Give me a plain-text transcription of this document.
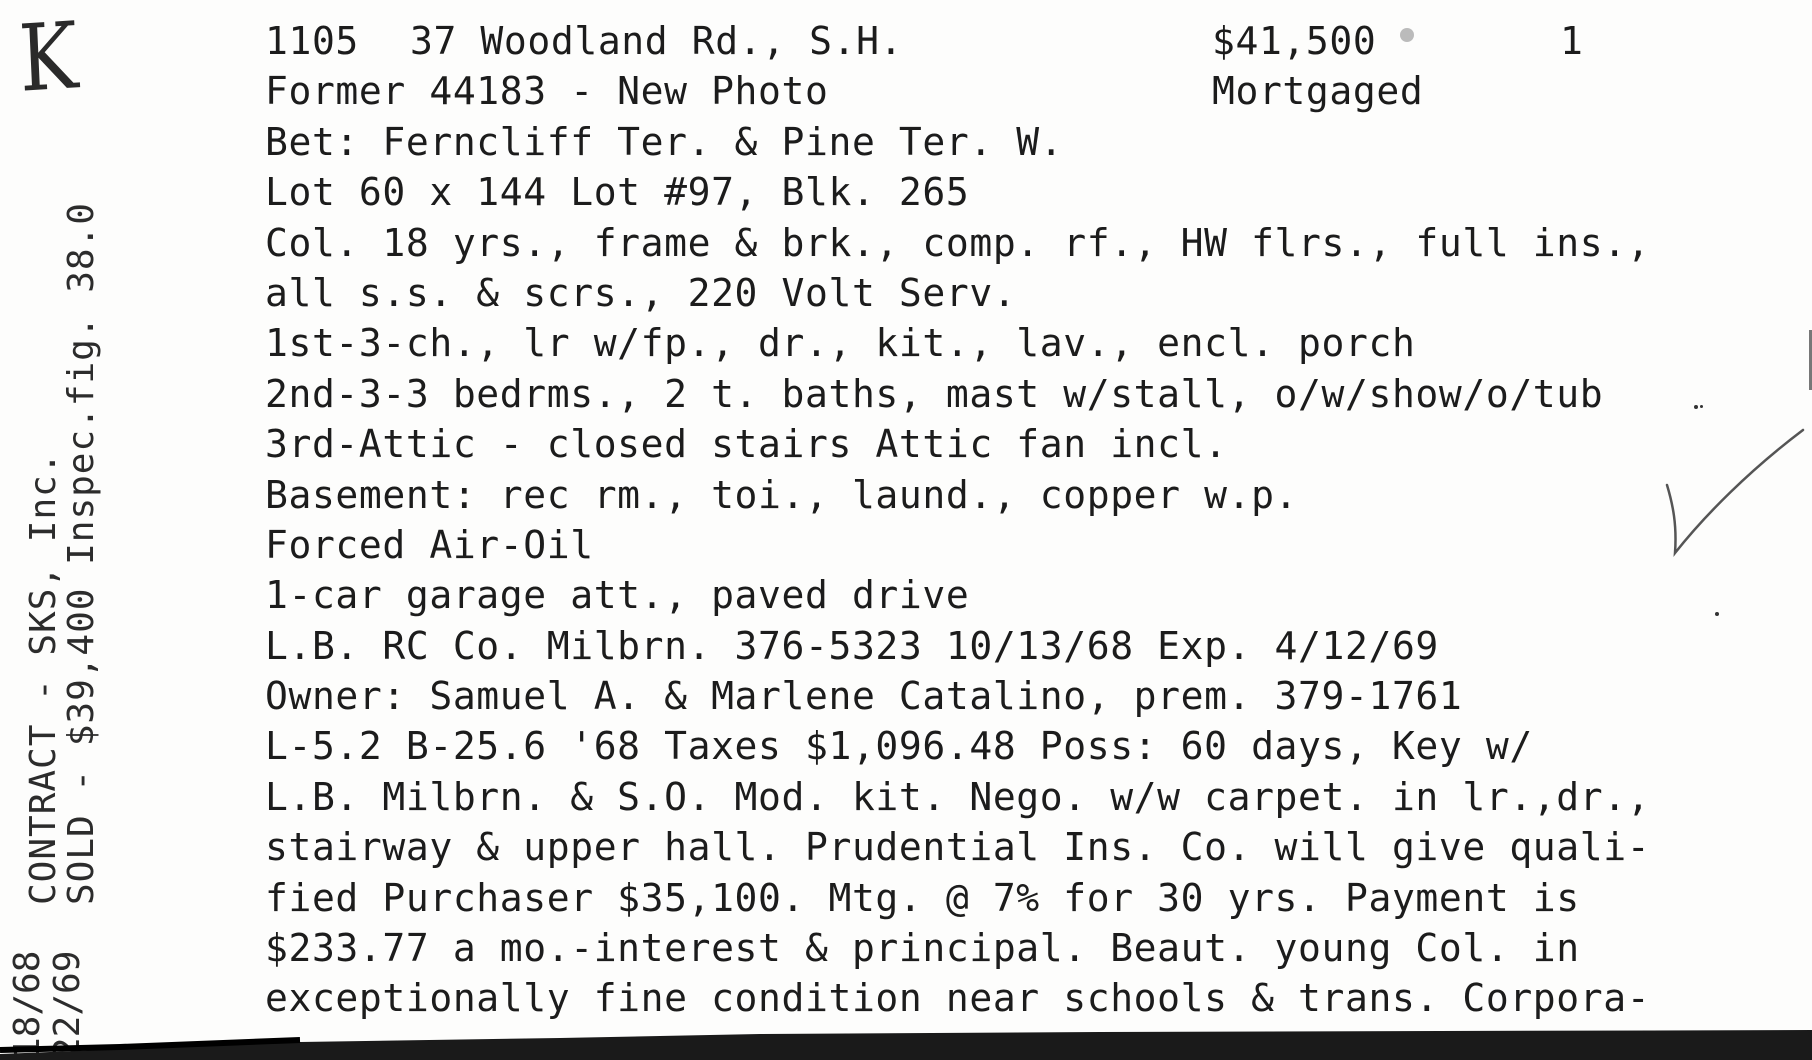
K
CONTRACT - SKS, Inc.
SOLD - $39,400 Inspec.fig. 38.0
18/68 22/69
1105 37 Woodland Rd., S.H.	$41,500	1
Former 44183 - New Photo	Mortgaged
Bet: Ferncliff Ter. & Pine Ter. W.
Lot 60 x 144 Lot #97, Blk. 265
Col. 18 yrs., frame & brk., comp. rf., HW flrs., full ins.,
all s.s. & scrs., 220 Volt Serv.
1st-3-ch., lr w/fp., dr., kit., lav., encl. porch
2nd-3-3 bedrms., 2 t. baths, mast w/stall, o/w/show/o/tub
3rd-Attic - closed stairs Attic fan incl.
Basement: rec rm., toi., laund., copper w.p.
Forced Air-Oil
1-car garage att., paved drive
L.B. RC Co. Milbrn. 376-5323 10/13/68 Exp. 4/12/69
Owner: Samuel A. & Marlene Catalino, prem. 379-1761
L-5.2 B-25.6 '68 Taxes $1,096.48 Poss: 60 days, Key w/
L.B. Milbrn. & S.O. Mod. kit. Nego. w/w carpet. in lr.,dr.,
stairway & upper hall. Prudential Ins. Co. will give quali-
fied Purchaser $35,100. Mtg. @ 7% for 30 yrs. Payment is
$233.77 a mo.-interest & principal. Beaut. young Col. in
exceptionally fine condition near schools & trans. Corpora-
